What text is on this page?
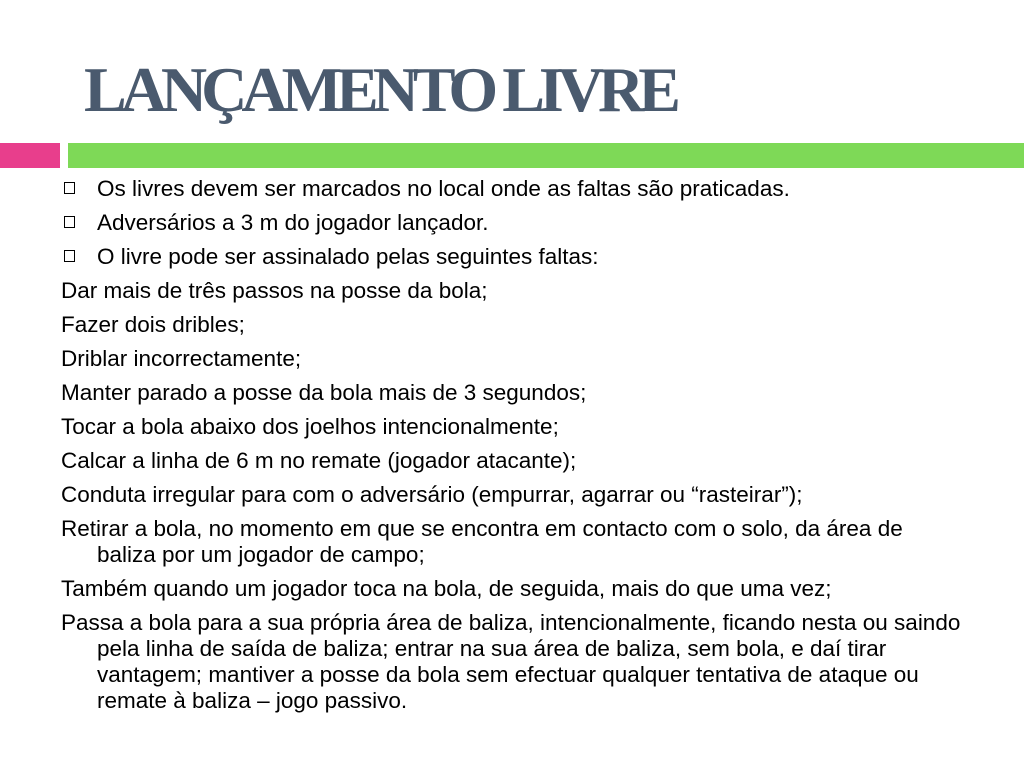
LANÇAMENTO LIVRE
Os livres devem ser marcados no local onde as faltas são praticadas.
Adversários a 3 m do jogador lançador.
O livre pode ser assinalado pelas seguintes faltas:
Dar mais de três passos na posse da bola;
Fazer dois dribles;
Driblar incorrectamente;
Manter parado a posse da bola mais de 3 segundos;
Tocar a bola abaixo dos joelhos intencionalmente;
Calcar a linha de 6 m no remate (jogador atacante);
Conduta irregular para com o adversário (empurrar, agarrar ou “rasteirar”);
Retirar a bola, no momento em que se encontra em contacto com o solo, da área de baliza por um jogador de campo;
Também quando um jogador toca na bola, de seguida, mais do que uma vez;
Passa a bola para a sua própria área de baliza, intencionalmente, ficando nesta ou saindo pela linha de saída de baliza; entrar na sua área de baliza, sem bola, e daí tirar vantagem; mantiver a posse da bola sem efectuar qualquer tentativa de ataque ou remate à baliza – jogo passivo.
